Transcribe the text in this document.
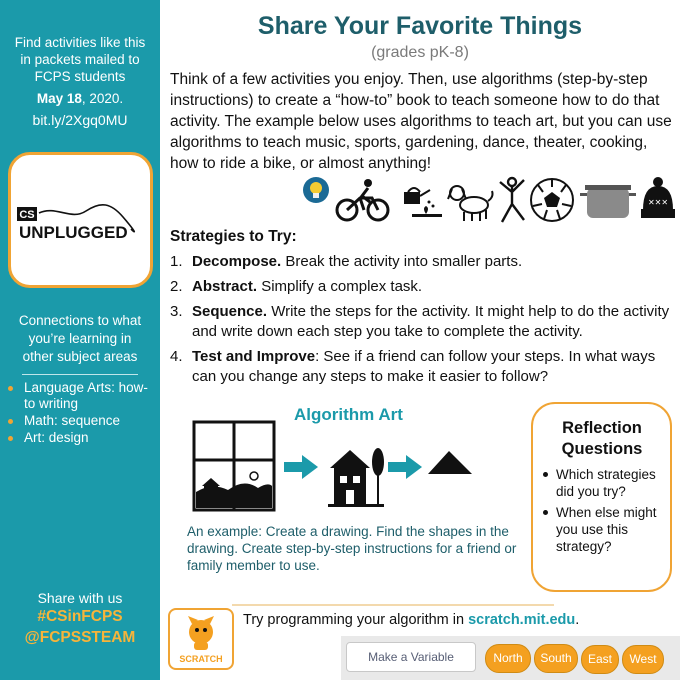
Find activities like this
in packets mailed to
FCPS students
May 18, 2020.
bit.ly/2Xgq0MU
CS
UNPLUGGED
Connections to what
you’re learning in
other subject areas
Language Arts: how-to writing
Math: sequence
Art: design
Share with us
#CSinFCPS
@FCPSSTEAM
Share Your Favorite Things
(grades pK-8)
Think of a few activities you enjoy. Then, use algorithms (step-by-step instructions) to create a “how-to” book to teach someone how to do that activity. The example below uses algorithms to teach art, but you can use algorithms to teach music, sports, gardening, dance, theater, cooking, how to ride a bike, or almost anything!
✕✕✕
Strategies to Try:
1. Decompose. Break the activity into smaller parts.
2. Abstract. Simplify a complex task.
3. Sequence. Write the steps for the activity. It might help to do the activity and write down each step you take to complete the activity.
4. Test and Improve: See if a friend can follow your steps. In what ways can you change any steps to make it easier to follow?
Algorithm Art
An example: Create a drawing. Find the shapes in the drawing. Create step-by-step instructions for a friend or family member to use.
Reflection
Questions
Which strategies did you try?
When else might you use this strategy?
SCRATCH
Try programming your algorithm in scratch.mit.edu.
Make a Variable	North	South	East	West
